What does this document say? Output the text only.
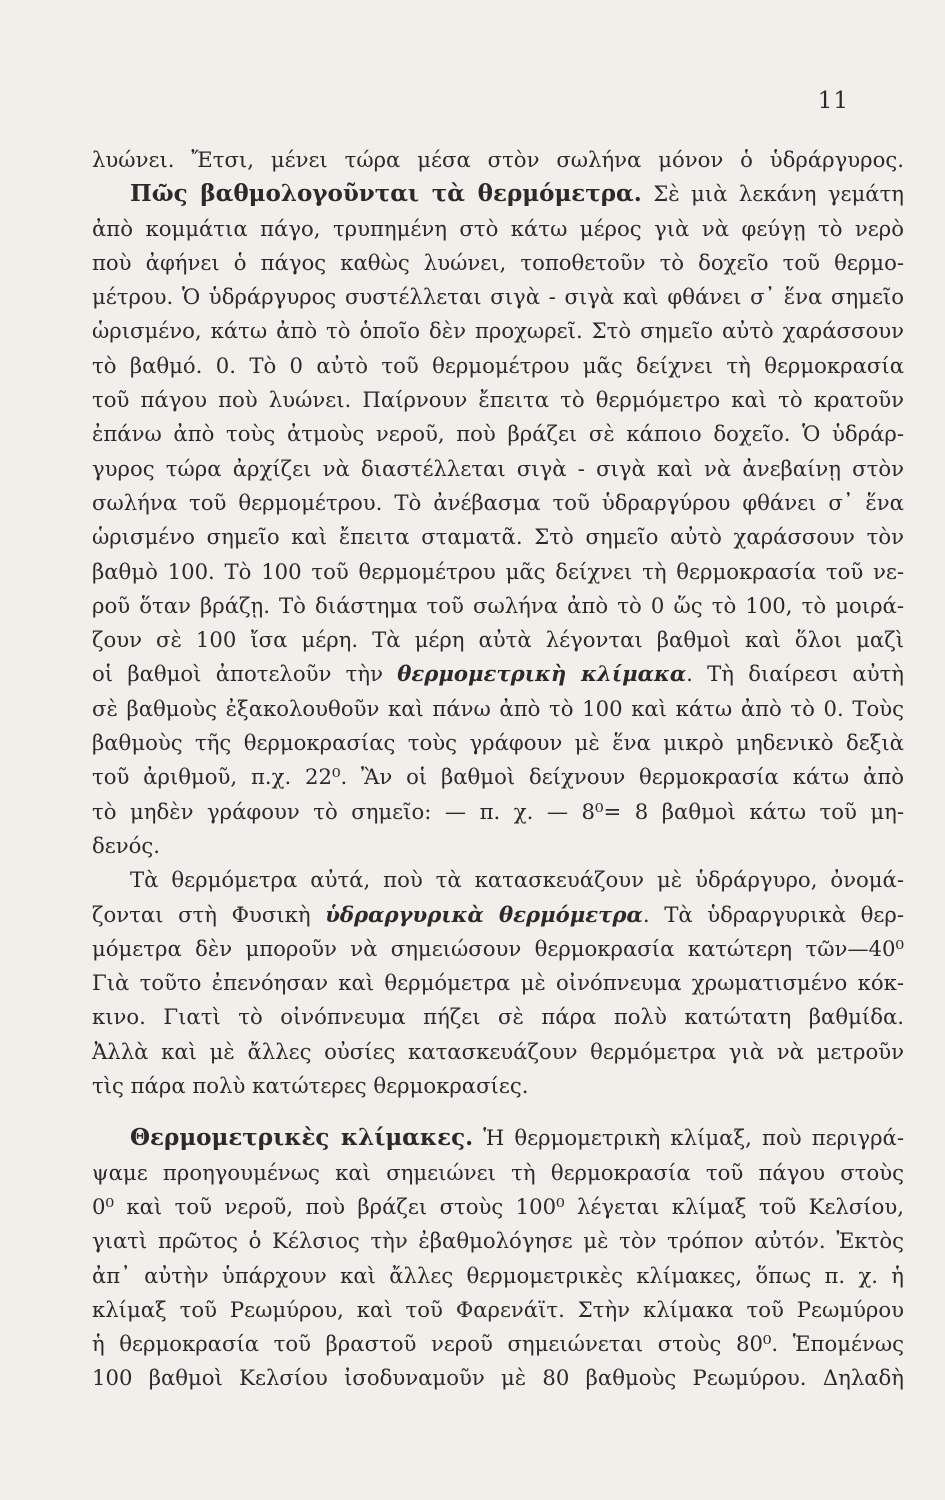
11
λυώνει. Ἔτσι, μένει τώρα μέσα στὸν σωλήνα μόνον ὁ ὑδράργυρος.
Πῶς βαθμολογοῦνται τὰ θερμόμετρα. Σὲ μιὰ λεκάνη γεμάτη
ἀπὸ κομμάτια πάγο, τρυπημένη στὸ κάτω μέρος γιὰ νὰ φεύγῃ τὸ νερὸ
ποὺ ἀφήνει ὁ πάγος καθὼς λυώνει, τοποθετοῦν τὸ δοχεῖο τοῦ θερμο-
μέτρου. Ὁ ὑδράργυρος συστέλλεται σιγὰ - σιγὰ καὶ φθάνει σ᾿ ἕνα σημεῖο
ὡρισμένο, κάτω ἀπὸ τὸ ὁποῖο δὲν προχωρεῖ. Στὸ σημεῖο αὐτὸ χαράσσουν
τὸ βαθμό. 0. Τὸ 0 αὐτὸ τοῦ θερμομέτρου μᾶς δείχνει τὴ θερμοκρασία
τοῦ πάγου ποὺ λυώνει. Παίρνουν ἔπειτα τὸ θερμόμετρο καὶ τὸ κρατοῦν
ἐπάνω ἀπὸ τοὺς ἀτμοὺς νεροῦ, ποὺ βράζει σὲ κάποιο δοχεῖο. Ὁ ὑδράρ-
γυρος τώρα ἀρχίζει νὰ διαστέλλεται σιγὰ - σιγὰ καὶ νὰ ἀνεβαίνῃ στὸν
σωλήνα τοῦ θερμομέτρου. Τὸ ἀνέβασμα τοῦ ὑδραργύρου φθάνει σ᾿ ἕνα
ὡρισμένο σημεῖο καὶ ἔπειτα σταματᾶ. Στὸ σημεῖο αὐτὸ χαράσσουν τὸν
βαθμὸ 100. Τὸ 100 τοῦ θερμομέτρου μᾶς δείχνει τὴ θερμοκρασία τοῦ νε-
ροῦ ὅταν βράζῃ. Τὸ διάστημα τοῦ σωλήνα ἀπὸ τὸ 0 ὥς τὸ 100, τὸ μοιρά-
ζουν σὲ 100 ἴσα μέρη. Τὰ μέρη αὐτὰ λέγονται βαθμοὶ καὶ ὅλοι μαζὶ
οἱ βαθμοὶ ἀποτελοῦν τὴν θερμομετρικὴ κλίμακα. Τὴ διαίρεσι αὐτὴ
σὲ βαθμοὺς ἐξακολουθοῦν καὶ πάνω ἀπὸ τὸ 100 καὶ κάτω ἀπὸ τὸ 0. Τοὺς
βαθμοὺς τῆς θερμοκρασίας τοὺς γράφουν μὲ ἕνα μικρὸ μηδενικὸ δεξιὰ
τοῦ ἀριθμοῦ, π.χ. 22⁰. Ἂν οἱ βαθμοὶ δείχνουν θερμοκρασία κάτω ἀπὸ
τὸ μηδὲν γράφουν τὸ σημεῖο: — π. χ. — 8⁰= 8 βαθμοὶ κάτω τοῦ μη-
δενός.
Τὰ θερμόμετρα αὐτά, ποὺ τὰ κατασκευάζουν μὲ ὑδράργυρο, ὀνομά-
ζονται στὴ Φυσικὴ ὑδραργυρικὰ θερμόμετρα. Τὰ ὑδραργυρικὰ θερ-
μόμετρα δὲν μποροῦν νὰ σημειώσουν θερμοκρασία κατώτερη τῶν—40⁰
Γιὰ τοῦτο ἐπενόησαν καὶ θερμόμετρα μὲ οἰνόπνευμα χρωματισμένο κόκ-
κινο. Γιατὶ τὸ οἰνόπνευμα πήζει σὲ πάρα πολὺ κατώτατη βαθμίδα.
Ἀλλὰ καὶ μὲ ἄλλες οὐσίες κατασκευάζουν θερμόμετρα γιὰ νὰ μετροῦν
τὶς πάρα πολὺ κατώτερες θερμοκρασίες.
Θερμομετρικὲς κλίμακες. Ἡ θερμομετρικὴ κλίμαξ, ποὺ περιγρά-
ψαμε προηγουμένως καὶ σημειώνει τὴ θερμοκρασία τοῦ πάγου στοὺς
0⁰ καὶ τοῦ νεροῦ, ποὺ βράζει στοὺς 100⁰ λέγεται κλίμαξ τοῦ Κελσίου,
γιατὶ πρῶτος ὁ Κέλσιος τὴν ἐβαθμολόγησε μὲ τὸν τρόπον αὐτόν. Ἐκτὸς
ἀπ᾿ αὐτὴν ὑπάρχουν καὶ ἄλλες θερμομετρικὲς κλίμακες, ὅπως π. χ. ἡ
κλίμαξ τοῦ Ρεωμύρου, καὶ τοῦ Φαρενάϊτ. Στὴν κλίμακα τοῦ Ρεωμύρου
ἡ θερμοκρασία τοῦ βραστοῦ νεροῦ σημειώνεται στοὺς 80⁰. Ἑπομένως
100 βαθμοὶ Κελσίου ἰσοδυναμοῦν μὲ 80 βαθμοὺς Ρεωμύρου. Δηλαδὴ
